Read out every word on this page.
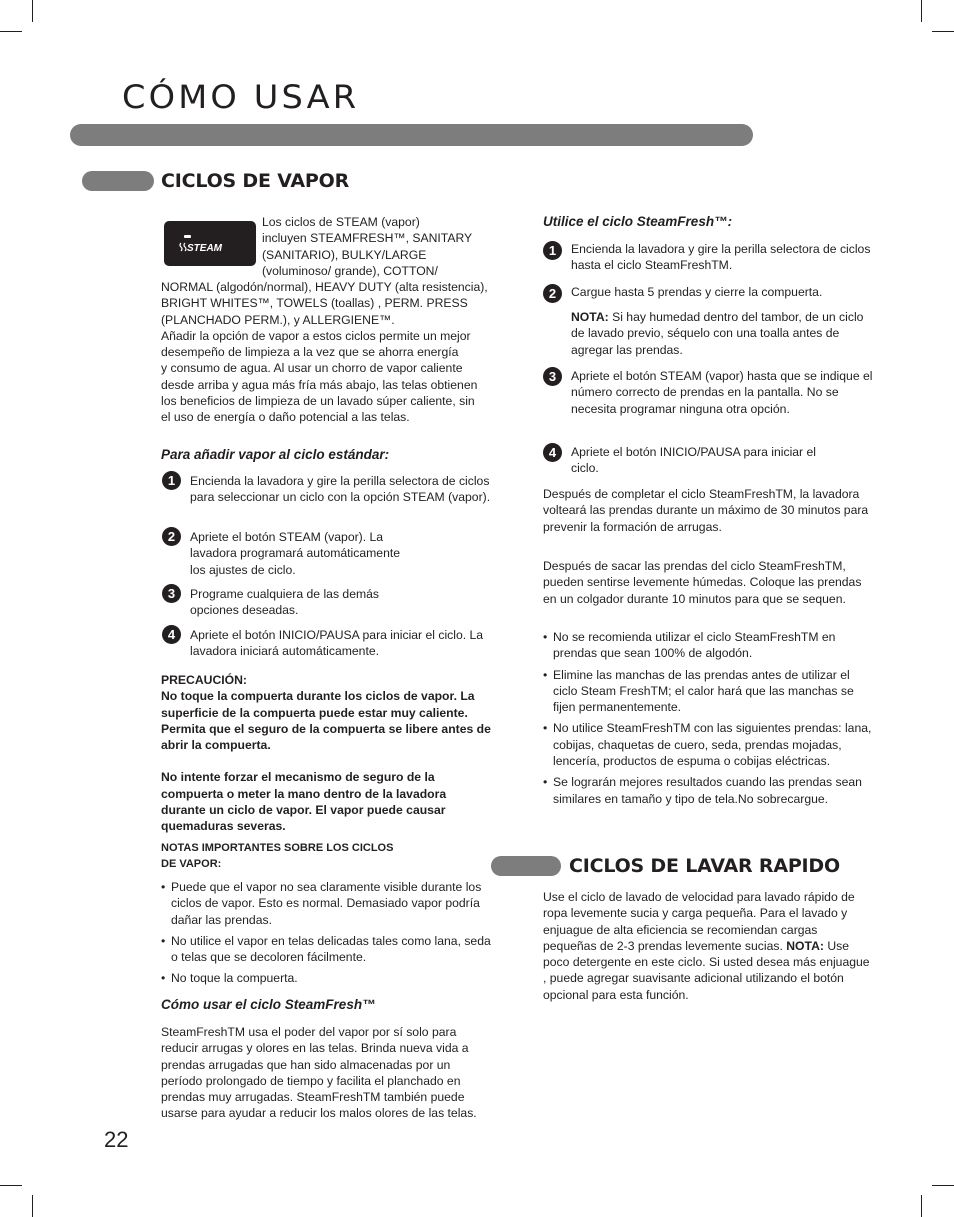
CÓMO USAR
CICLOS DE VAPOR
STEAM
Los ciclos de STEAM (vapor)
incluyen STEAMFRESH™, SANITARY
(SANITARIO), BULKY/LARGE
(voluminoso/ grande), COTTON/
NORMAL (algodón/normal), HEAVY DUTY (alta resistencia),
BRIGHT WHITES™, TOWELS (toallas) , PERM. PRESS
(PLANCHADO PERM.), y ALLERGIENE™.
Añadir la opción de vapor a estos ciclos permite un mejor
desempeño de limpieza a la vez que se ahorra energía
y consumo de agua. Al usar un chorro de vapor caliente
desde arriba y agua más fría más abajo, las telas obtienen
los beneficios de limpieza de un lavado súper caliente, sin
el uso de energía o daño potencial a las telas.
Para añadir vapor al ciclo estándar:
1	Encienda la lavadora y gire la perilla selectora de ciclos para seleccionar un ciclo con la opción STEAM (vapor).
2	Apriete el botón STEAM (vapor). La lavadora programará automáticamente los ajustes de ciclo.
3	Programe cualquiera de las demás opciones deseadas.
4	Apriete el botón INICIO/PAUSA para iniciar el ciclo. La lavadora iniciará automáticamente.
PRECAUCIÓN:
No toque la compuerta durante los ciclos de vapor. La superficie de la compuerta puede estar muy caliente. Permita que el seguro de la compuerta se libere antes de abrir la compuerta.
No intente forzar el mecanismo de seguro de la compuerta o meter la mano dentro de la lavadora durante un ciclo de vapor. El vapor puede causar quemaduras severas.
NOTAS IMPORTANTES SOBRE LOS CICLOS
DE VAPOR:
• Puede que el vapor no sea claramente visible durante los ciclos de vapor. Esto es normal. Demasiado vapor podría dañar las prendas.
• No utilice el vapor en telas delicadas tales como lana, seda o telas que se decoloren fácilmente.
• No toque la compuerta.
Cómo usar el ciclo SteamFresh™
SteamFreshTM usa el poder del vapor por sí solo para reducir arrugas y olores en las telas. Brinda nueva vida a prendas arrugadas que han sido almacenadas por un período prolongado de tiempo y facilita el planchado en prendas muy arrugadas. SteamFreshTM también puede usarse para ayudar a reducir los malos olores de las telas.
22
Utilice el ciclo SteamFresh™:
1	Encienda la lavadora y gire la perilla selectora de ciclos hasta el ciclo SteamFreshTM.
2	Cargue hasta 5 prendas y cierre la compuerta.
NOTA: Si hay humedad dentro del tambor, de un ciclo de lavado previo, séquelo con una toalla antes de agregar las prendas.
3	Apriete el botón STEAM (vapor) hasta que se indique el número correcto de prendas en la pantalla. No se necesita programar ninguna otra opción.
4	Apriete el botón INICIO/PAUSA para iniciar el ciclo.
Después de completar el ciclo SteamFreshTM, la lavadora volteará las prendas durante un máximo de 30 minutos para prevenir la formación de arrugas.
Después de sacar las prendas del ciclo SteamFreshTM, pueden sentirse levemente húmedas. Coloque las prendas en un colgador durante 10 minutos para que se sequen.
• No se recomienda utilizar el ciclo SteamFreshTM en prendas que sean 100% de algodón.
• Elimine las manchas de las prendas antes de utilizar el ciclo Steam FreshTM; el calor hará que las manchas se fijen permanentemente.
• No utilice SteamFreshTM con las siguientes prendas: lana, cobijas, chaquetas de cuero, seda, prendas mojadas, lencería, productos de espuma o cobijas eléctricas.
• Se lograrán mejores resultados cuando las prendas sean similares en tamaño y tipo de tela.No sobrecargue.
CICLOS DE LAVAR RAPIDO
Use el ciclo de lavado de velocidad para lavado rápido de ropa levemente sucia y carga pequeña. Para el lavado y enjuague de alta eficiencia se recomiendan cargas pequeñas de 2-3 prendas levemente sucias. NOTA: Use poco detergente en este ciclo. Si usted desea más enjuague , puede agregar suavisante adicional utilizando el botón opcional para esta función.
